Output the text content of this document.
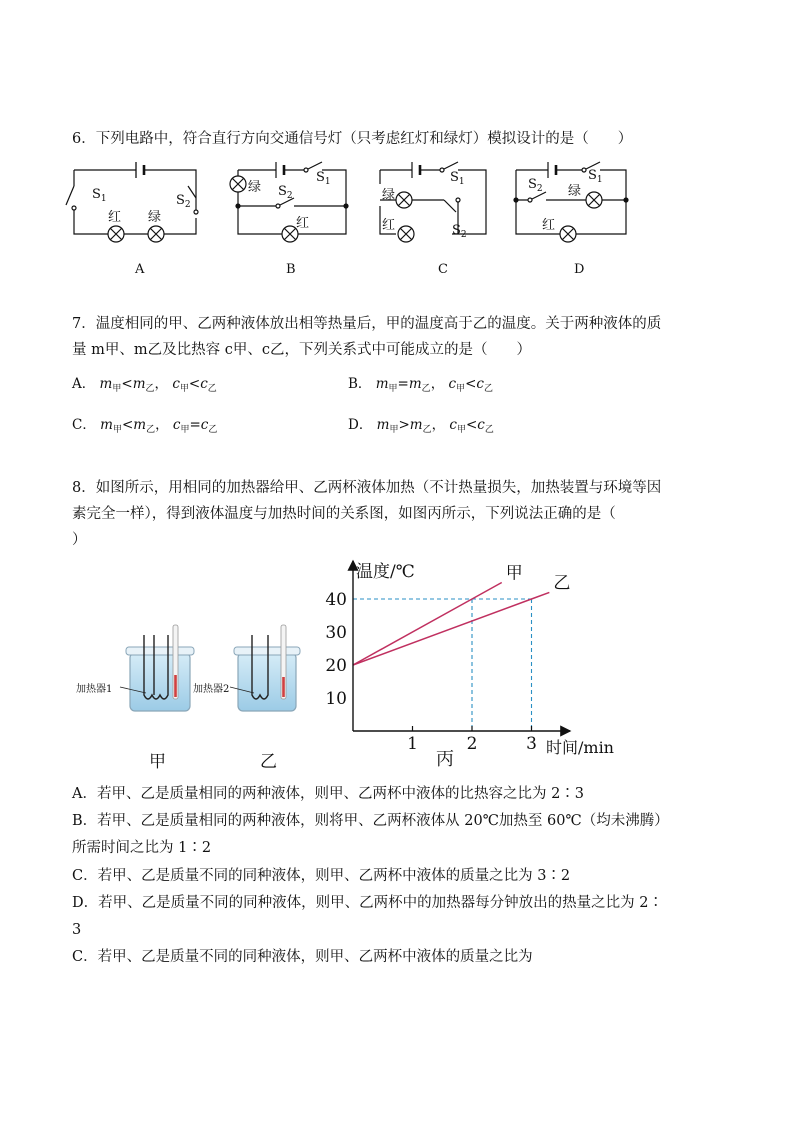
6．下列电路中，符合直行方向交通信号灯（只考虑红灯和绿灯）模拟设计的是（　　）
$S_1$	$S_2$
红 绿
A
绿
$S_1$
$S_2$
红
B
绿
$S_1$
红	$S_2$
C
$S_2$ 绿
$S_1$
红
D
7．温度相同的甲、乙两种液体放出相等热量后，甲的温度高于乙的温度。关于两种液体的质
量 m甲、m乙及比热容 c甲、c乙，下列关系式中可能成立的是（　　）
A． $m_甲<m_乙$， $c_甲<c_乙$	B． $m_甲=m_乙$， $c_甲<c_乙$
C． $m_甲<m_乙$， $c_甲=c_乙$	D． $m_甲>m_乙$， $c_甲<c_乙$
8．如图所示，用相同的加热器给甲、乙两杯液体加热（不计热量损失，加热装置与环境等因
素完全一样），得到液体温度与加热时间的关系图，如图丙所示，下列说法正确的是（
）
加热器1	加热器2
甲	乙
10
20
30
40
1	2	3
温度/℃
时间/min
丙
甲 乙
A．若甲、乙是质量相同的两种液体，则甲、乙两杯中液体的比热容之比为 2∶3
B．若甲、乙是质量相同的两种液体，则将甲、乙两杯液体从 20℃加热至 60℃（均未沸腾）
所需时间之比为 1∶2
C．若甲、乙是质量不同的同种液体，则甲、乙两杯中液体的质量之比为 3∶2
D．若甲、乙是质量不同的同种液体，则甲、乙两杯中的加热器每分钟放出的热量之比为 2∶
3
C．若甲、乙是质量不同的同种液体，则甲、乙两杯中液体的质量之比为
